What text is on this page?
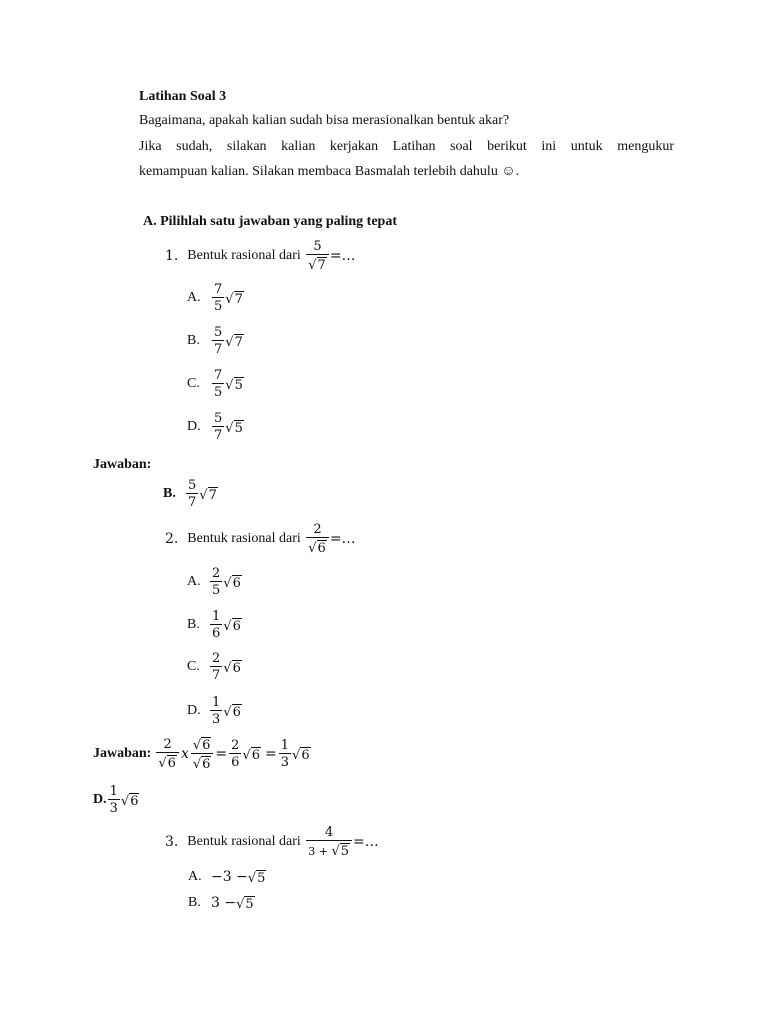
Latihan Soal 3
Bagaimana, apakah kalian sudah bisa merasionalkan bentuk akar?
Jika sudah, silakan kalian kerjakan Latihan soal berikut ini untuk mengukur
kemampuan kalian. Silakan membaca Basmalah terlebih dahulu ☺.
A. Pilihlah satu jawaban yang paling tepat
1.
Bentuk rasional dari
$\frac{5}{√ 7}$ =…
A. $\frac{7}{5}$ √ 7
B. $\frac{5}{7}$ √ 7
C. $\frac{7}{5}$ √ 5
D. $\frac{5}{7}$ √ 5
Jawaban:
B. $\frac{5}{7}$ √ 7
2.
Bentuk rasional dari
$\frac{2}{√ 6}$ =…
A. $\frac{2}{5}$ √ 6
B. $\frac{1}{6}$ √ 6
C. $\frac{2}{7}$ √ 6
D. $\frac{1}{3}$ √ 6
Jawaban: $\frac{2}{√ 6}$ x $\frac{√ 6}{√ 6} = \frac{2}{6}$ √ $6 = \frac{1}{3}$ √ 6
D. $\frac{1}{3}$ √ 6
3.
Bentuk rasional dari
$\frac{4}{3 + √ 5}$ =…
A. −3 − √ 5
B. 3 − √ 5
